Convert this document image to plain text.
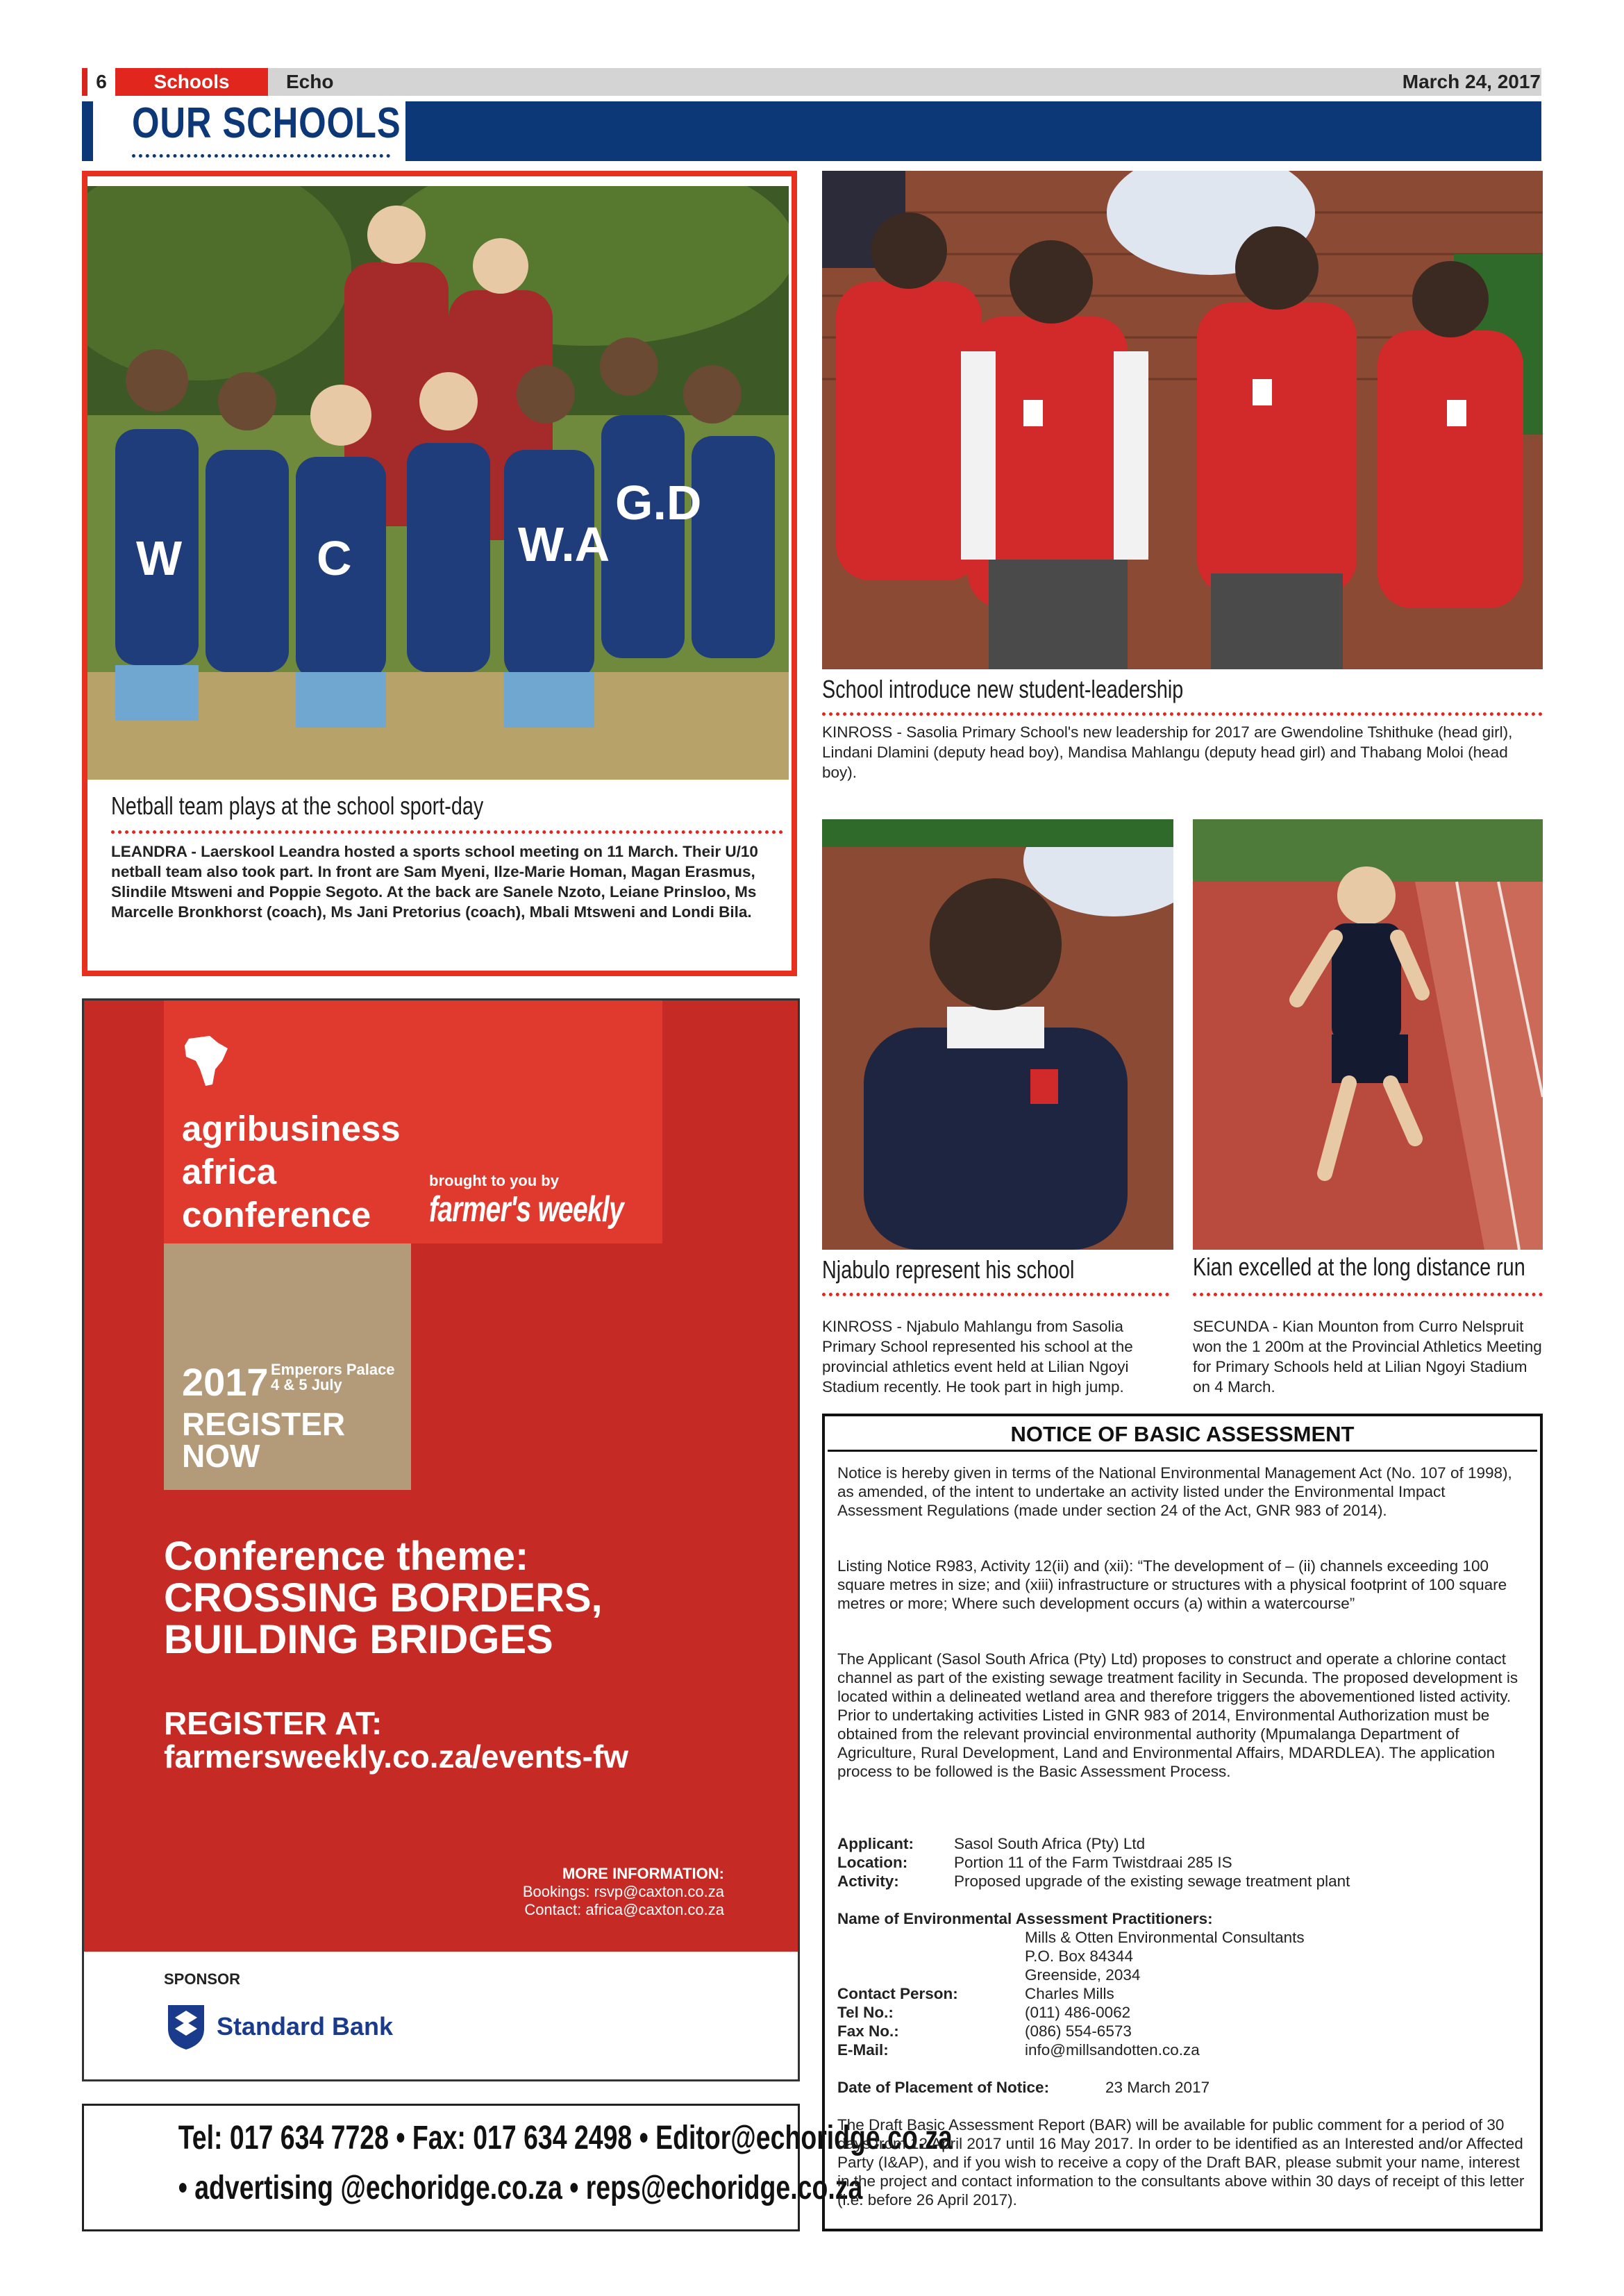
6	Schools	Echo	March 24, 2017
OUR SCHOOLS
W	C	W.A
G.D
Netball team plays at the school sport-day
LEANDRA - Laerskool Leandra hosted a sports school meeting on 11 March. Their U/10 netball team also took part. In front are Sam Myeni, Ilze-Marie Homan, Magan Erasmus, Slindile Mtsweni and Poppie Segoto. At the back are Sanele Nzoto, Leiane Prinsloo, Ms Marcelle Bronkhorst (coach), Ms Jani Pretorius (coach), Mbali Mtsweni and Londi Bila.
School introduce new student-leadership
KINROSS - Sasolia Primary School's new leadership for 2017 are Gwendoline Tshithuke (head girl), Lindani Dlamini (deputy head boy), Mandisa Mahlangu (deputy head girl) and Thabang Moloi (head boy).
Njabulo represent his school
KINROSS - Njabulo Mahlangu from Sasolia Primary School represented his school at the provincial athletics event held at Lilian Ngoyi Stadium recently. He took part in high jump.
Kian excelled at the long distance run
SECUNDA - Kian Mounton from Curro Nelspruit won the 1 200m at the Provincial Athletics Meeting for Primary Schools held at Lilian Ngoyi Stadium on 4 March.
agribusiness
africa
conference
brought to you by
farmer's weekly
2017 Emperors Palace
4 & 5 July
REGISTER
NOW
Conference theme:
CROSSING BORDERS,
BUILDING BRIDGES
REGISTER AT:
farmersweekly.co.za/events-fw
MORE INFORMATION:
Bookings: rsvp@caxton.co.za
Contact: africa@caxton.co.za
SPONSOR
Standard Bank
Tel: 017 634 7728 • Fax: 017 634 2498 • Editor@echoridge.co.za
• advertising @echoridge.co.za • reps@echoridge.co.za
NOTICE OF BASIC ASSESSMENT
Notice is hereby given in terms of the National Environmental Management Act (No. 107 of 1998), as amended, of the intent to undertake an activity listed under the Environmental Impact Assessment Regulations (made under section 24 of the Act, GNR 983 of 2014).
Listing Notice R983, Activity 12(ii) and (xii): “The development of – (ii) channels exceeding 100 square metres in size; and (xiii) infrastructure or structures with a physical footprint of 100 square metres or more; Where such development occurs (a) within a watercourse”
The Applicant (Sasol South Africa (Pty) Ltd) proposes to construct and operate a chlorine contact channel as part of the existing sewage treatment facility in Secunda. The proposed development is located within a delineated wetland area and therefore triggers the abovementioned listed activity. Prior to undertaking activities Listed in GNR 983 of 2014, Environmental Authorization must be obtained from the relevant provincial environmental authority (Mpumalanga Department of Agriculture, Rural Development, Land and Environmental Affairs, MDARDLEA). The application process to be followed is the Basic Assessment Process.
Applicant:	Sasol South Africa (Pty) Ltd
Location:	Portion 11 of the Farm Twistdraai 285 IS
Activity:	Proposed upgrade of the existing sewage treatment plant
Name of Environmental Assessment Practitioners:
Mills & Otten Environmental Consultants
P.O. Box 84344
Greenside, 2034
Contact Person:	Charles Mills
Tel No.:	(011) 486-0062
Fax No.:	(086) 554-6573
E-Mail:	info@millsandotten.co.za
Date of Placement of Notice:	23 March 2017
The Draft Basic Assessment Report (BAR) will be available for public comment for a period of 30 days from 12 April 2017 until 16 May 2017. In order to be identified as an Interested and/or Affected Party (I&AP), and if you wish to receive a copy of the Draft BAR, please submit your name, interest in the project and contact information to the consultants above within 30 days of receipt of this letter (i.e. before 26 April 2017).
